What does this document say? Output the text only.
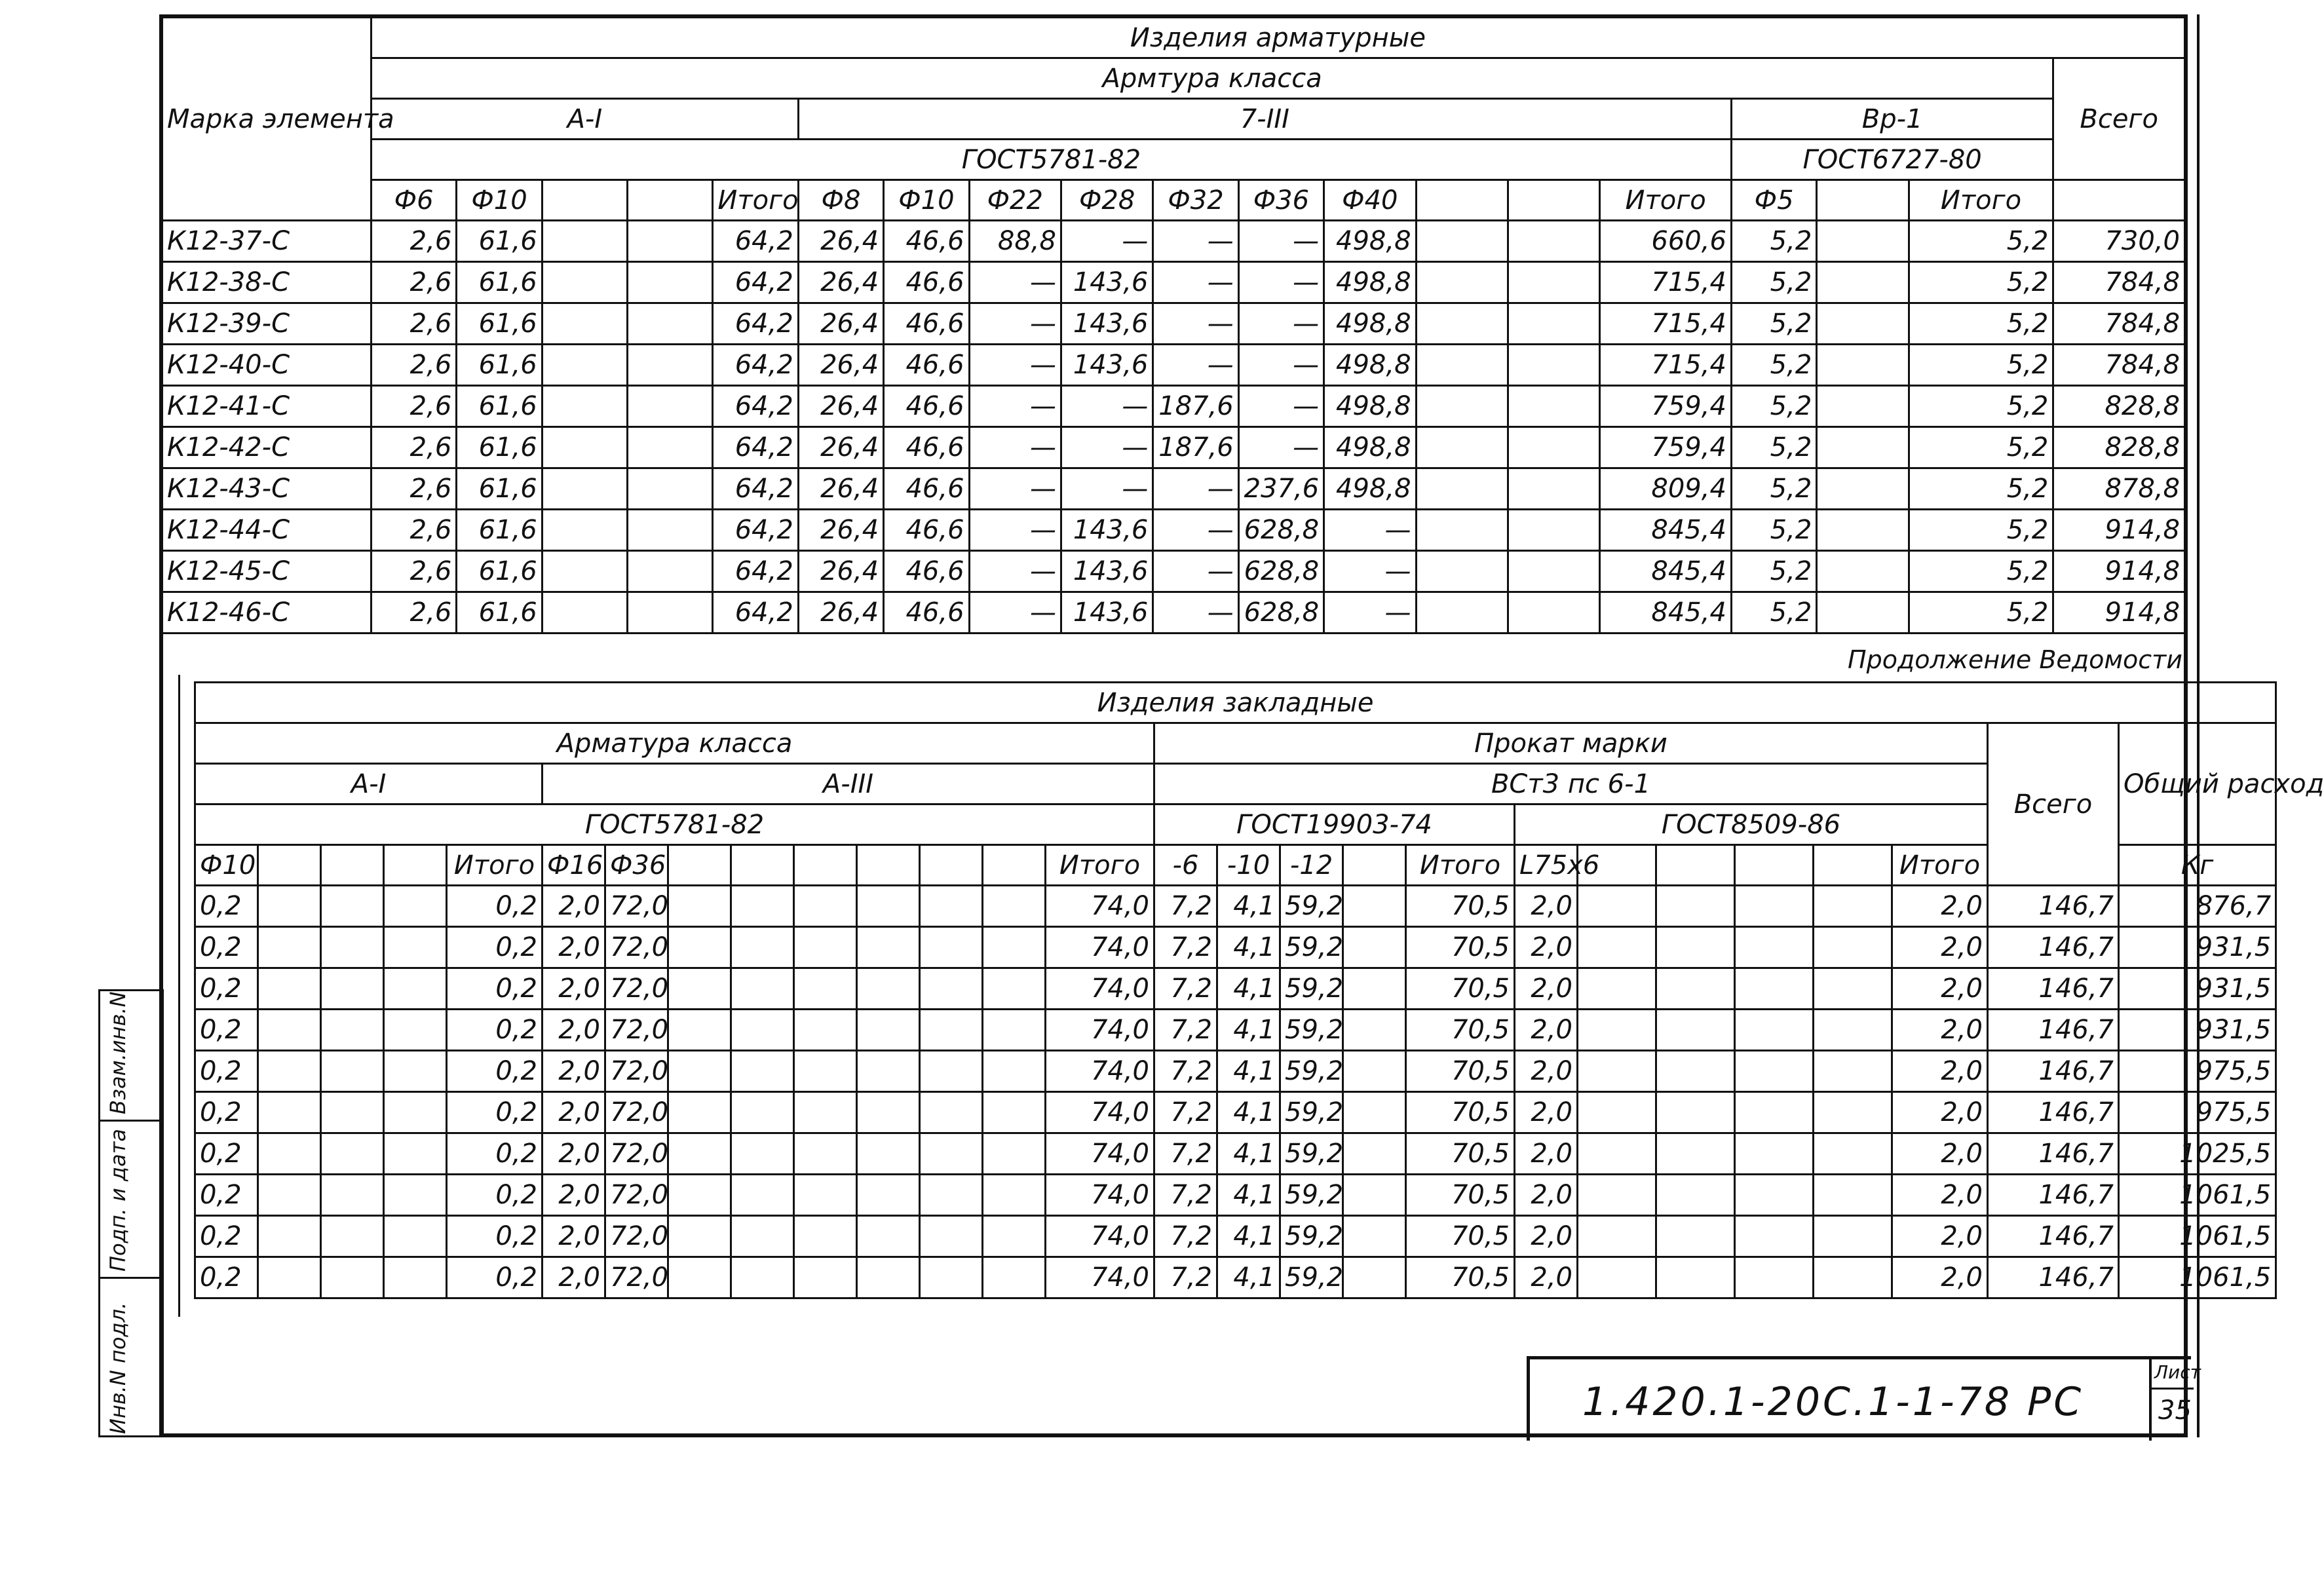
Марка элемента	Изделия арматурные																		
	Армтура класса																		Всего
	А-I					7-III										Вр-1			
	ГОСТ5781-82															ГОСТ6727-80			
	Ф6	Ф10			Итого	Ф8	Ф10	Ф22	Ф28	Ф32	Ф36	Ф40			Итого	Ф5		Итого	
К12-37-С	2,6	61,6			64,2	26,4	46,6	88,8	—	—	—	498,8			660,6	5,2		5,2	730,0
К12-38-С	2,6	61,6			64,2	26,4	46,6	—	143,6	—	—	498,8			715,4	5,2		5,2	784,8
К12-39-С	2,6	61,6			64,2	26,4	46,6	—	143,6	—	—	498,8			715,4	5,2		5,2	784,8
К12-40-С	2,6	61,6			64,2	26,4	46,6	—	143,6	—	—	498,8			715,4	5,2		5,2	784,8
К12-41-С	2,6	61,6			64,2	26,4	46,6	—	—	187,6	—	498,8			759,4	5,2		5,2	828,8
К12-42-С	2,6	61,6			64,2	26,4	46,6	—	—	187,6	—	498,8			759,4	5,2		5,2	828,8
К12-43-С	2,6	61,6			64,2	26,4	46,6	—	—	—	237,6	498,8			809,4	5,2		5,2	878,8
К12-44-С	2,6	61,6			64,2	26,4	46,6	—	143,6	—	628,8	—			845,4	5,2		5,2	914,8
К12-45-С	2,6	61,6			64,2	26,4	46,6	—	143,6	—	628,8	—			845,4	5,2		5,2	914,8
К12-46-С	2,6	61,6			64,2	26,4	46,6	—	143,6	—	628,8	—			845,4	5,2		5,2	914,8
Продолжение Ведомости
Изделия закладные																										
Арматура класса														Прокат марки											Всего	Общий расход
А-I					А-III									ВСт3 пс 6-1												
ГОСТ5781-82														ГОСТ19903-74					ГОСТ8509-86							
Ф10				Итого	Ф16	Ф36							Итого	-6	-10	-12		Итого	L75х6					Итого		Кг
0,2				0,2	2,0	72,0							74,0	7,2	4,1	59,2		70,5	2,0					2,0	146,7	876,7
0,2				0,2	2,0	72,0							74,0	7,2	4,1	59,2		70,5	2,0					2,0	146,7	931,5
0,2				0,2	2,0	72,0							74,0	7,2	4,1	59,2		70,5	2,0					2,0	146,7	931,5
0,2				0,2	2,0	72,0							74,0	7,2	4,1	59,2		70,5	2,0					2,0	146,7	931,5
0,2				0,2	2,0	72,0							74,0	7,2	4,1	59,2		70,5	2,0					2,0	146,7	975,5
0,2				0,2	2,0	72,0							74,0	7,2	4,1	59,2		70,5	2,0					2,0	146,7	975,5
0,2				0,2	2,0	72,0							74,0	7,2	4,1	59,2		70,5	2,0					2,0	146,7	1025,5
0,2				0,2	2,0	72,0							74,0	7,2	4,1	59,2		70,5	2,0					2,0	146,7	1061,5
0,2				0,2	2,0	72,0							74,0	7,2	4,1	59,2		70,5	2,0					2,0	146,7	1061,5
0,2				0,2	2,0	72,0							74,0	7,2	4,1	59,2		70,5	2,0					2,0	146,7	1061,5
Взам.инв.N
Подп. и дата
Инв.N подл.	1.420.1-20С.1-1-78 РС
Лист
35
